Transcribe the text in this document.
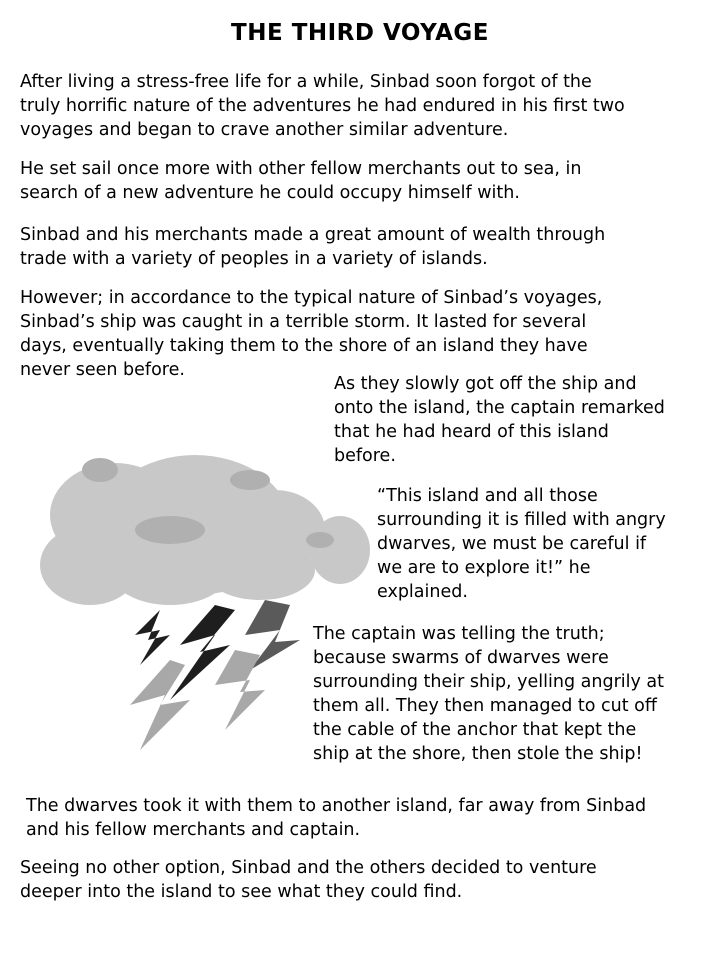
THE THIRD VOYAGE

After living a stress-free life for a while, Sinbad soon forgot of the
truly horrific nature of the adventures he had endured in his first two
voyages and began to crave another similar adventure.

He set sail once more with other fellow merchants out to sea, in
search of a new adventure he could occupy himself with.

Sinbad and his merchants made a great amount of wealth through
trade with a variety of peoples in a variety of islands.

However; in accordance to the typical nature of Sinbad’s voyages,
Sinbad’s ship was caught in a terrible storm. It lasted for several
days, eventually taking them to the shore of an island they have
never seen before.

As they slowly got off the ship and
onto the island, the captain remarked
that he had heard of this island
before.

“This island and all those
surrounding it is filled with angry
dwarves, we must be careful if
we are to explore it!” he
explained.

The captain was telling the truth;
because swarms of dwarves were
surrounding their ship, yelling angrily at
them all. They then managed to cut off
the cable of the anchor that kept the
ship at the shore, then stole the ship!

The dwarves took it with them to another island, far away from Sinbad
and his fellow merchants and captain.

Seeing no other option, Sinbad and the others decided to venture
deeper into the island to see what they could find.
